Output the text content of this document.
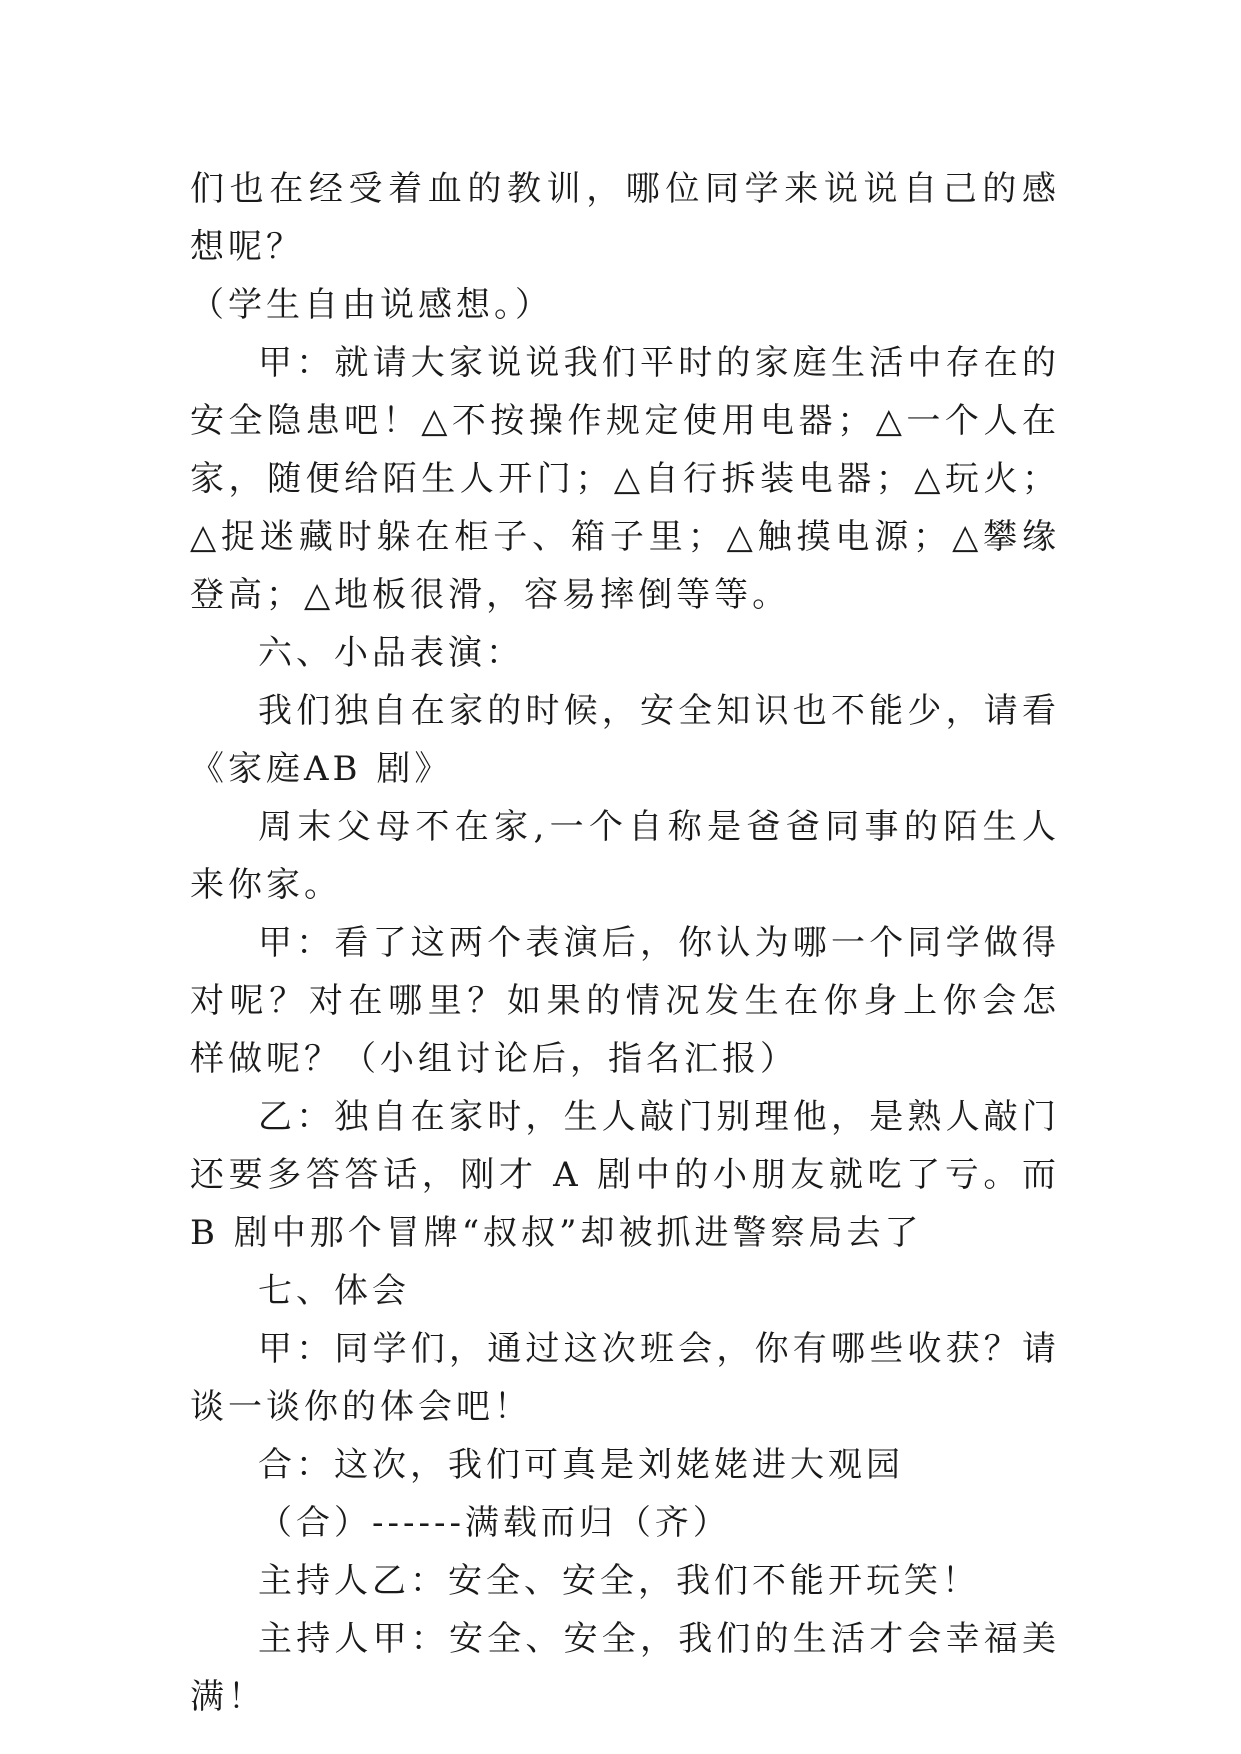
们也在经受着血的教训，哪位同学来说说自己的感想呢？

（学生自由说感想。）

甲：就请大家说说我们平时的家庭生活中存在的安全隐患吧！△不按操作规定使用电器；△一个人在家，随便给陌生人开门；△自行拆装电器；△玩火；△捉迷藏时躲在柜子、箱子里；△触摸电源；△攀缘登高；△地板很滑，容易摔倒等等。

六、小品表演：

我们独自在家的时候，安全知识也不能少，请看《家庭AB 剧》

周末父母不在家,一个自称是爸爸同事的陌生人来你家。

甲：看了这两个表演后，你认为哪一个同学做得对呢？对在哪里？如果的情况发生在你身上你会怎样做呢？（小组讨论后，指名汇报）

乙：独自在家时，生人敲门别理他，是熟人敲门还要多答答话，刚才 A 剧中的小朋友就吃了亏。而 B 剧中那个冒牌“叔叔”却被抓进警察局去了

七、体会

甲：同学们，通过这次班会，你有哪些收获？请谈一谈你的体会吧！

合：这次，我们可真是刘姥姥进大观园

（合）------满载而归（齐）

主持人乙：安全、安全，我们不能开玩笑！

主持人甲：安全、安全，我们的生活才会幸福美满！
